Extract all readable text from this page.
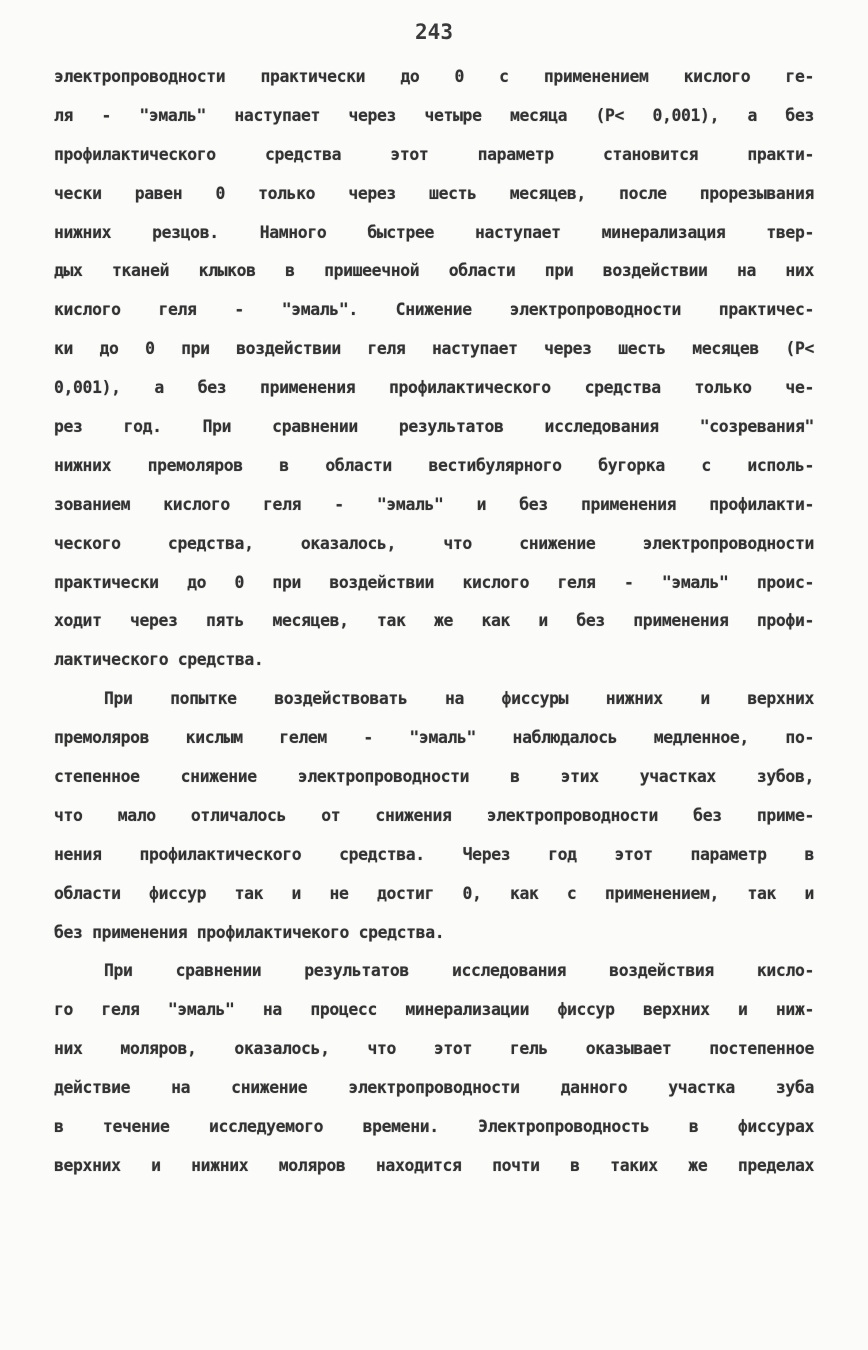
243
электропроводности практически до 0 с применением кислого ге-
ля - "эмаль" наступает через четыре месяца (P< 0,001), а без
профилактического средства этот параметр становится практи-
чески равен 0 только через шесть месяцев, после прорезывания
нижних резцов. Намного быстрее наступает минерализация твер-
дых тканей клыков в пришеечной области при воздействии на них
кислого геля - "эмаль". Снижение электропроводности практичес-
ки до 0 при воздействии геля наступает через шесть месяцев (P<
0,001), а без применения профилактического средства только че-
рез год. При сравнении результатов исследования "созревания"
нижних премоляров в области вестибулярного бугорка с исполь-
зованием кислого геля - "эмаль" и без применения профилакти-
ческого средства, оказалось, что снижение электропроводности
практически до 0 при воздействии кислого геля - "эмаль" проис-
ходит через пять месяцев, так же как и без применения профи-
лактического средства.
При попытке воздействовать на фиссуры нижних и верхних
премоляров кислым гелем - "эмаль" наблюдалось медленное, по-
степенное снижение электропроводности в этих участках зубов,
что мало отличалось от снижения электропроводности без приме-
нения профилактического средства. Через год этот параметр в
области фиссур так и не достиг 0, как с применением, так и
без применения профилактичекого средства.
При сравнении результатов исследования воздействия кисло-
го геля "эмаль" на процесс минерализации фиссур верхних и ниж-
них моляров, оказалось, что этот гель оказывает постепенное
действие на снижение электропроводности данного участка зуба
в течение исследуемого времени. Электропроводность в фиссурах
верхних и нижних моляров находится почти в таких же пределах
